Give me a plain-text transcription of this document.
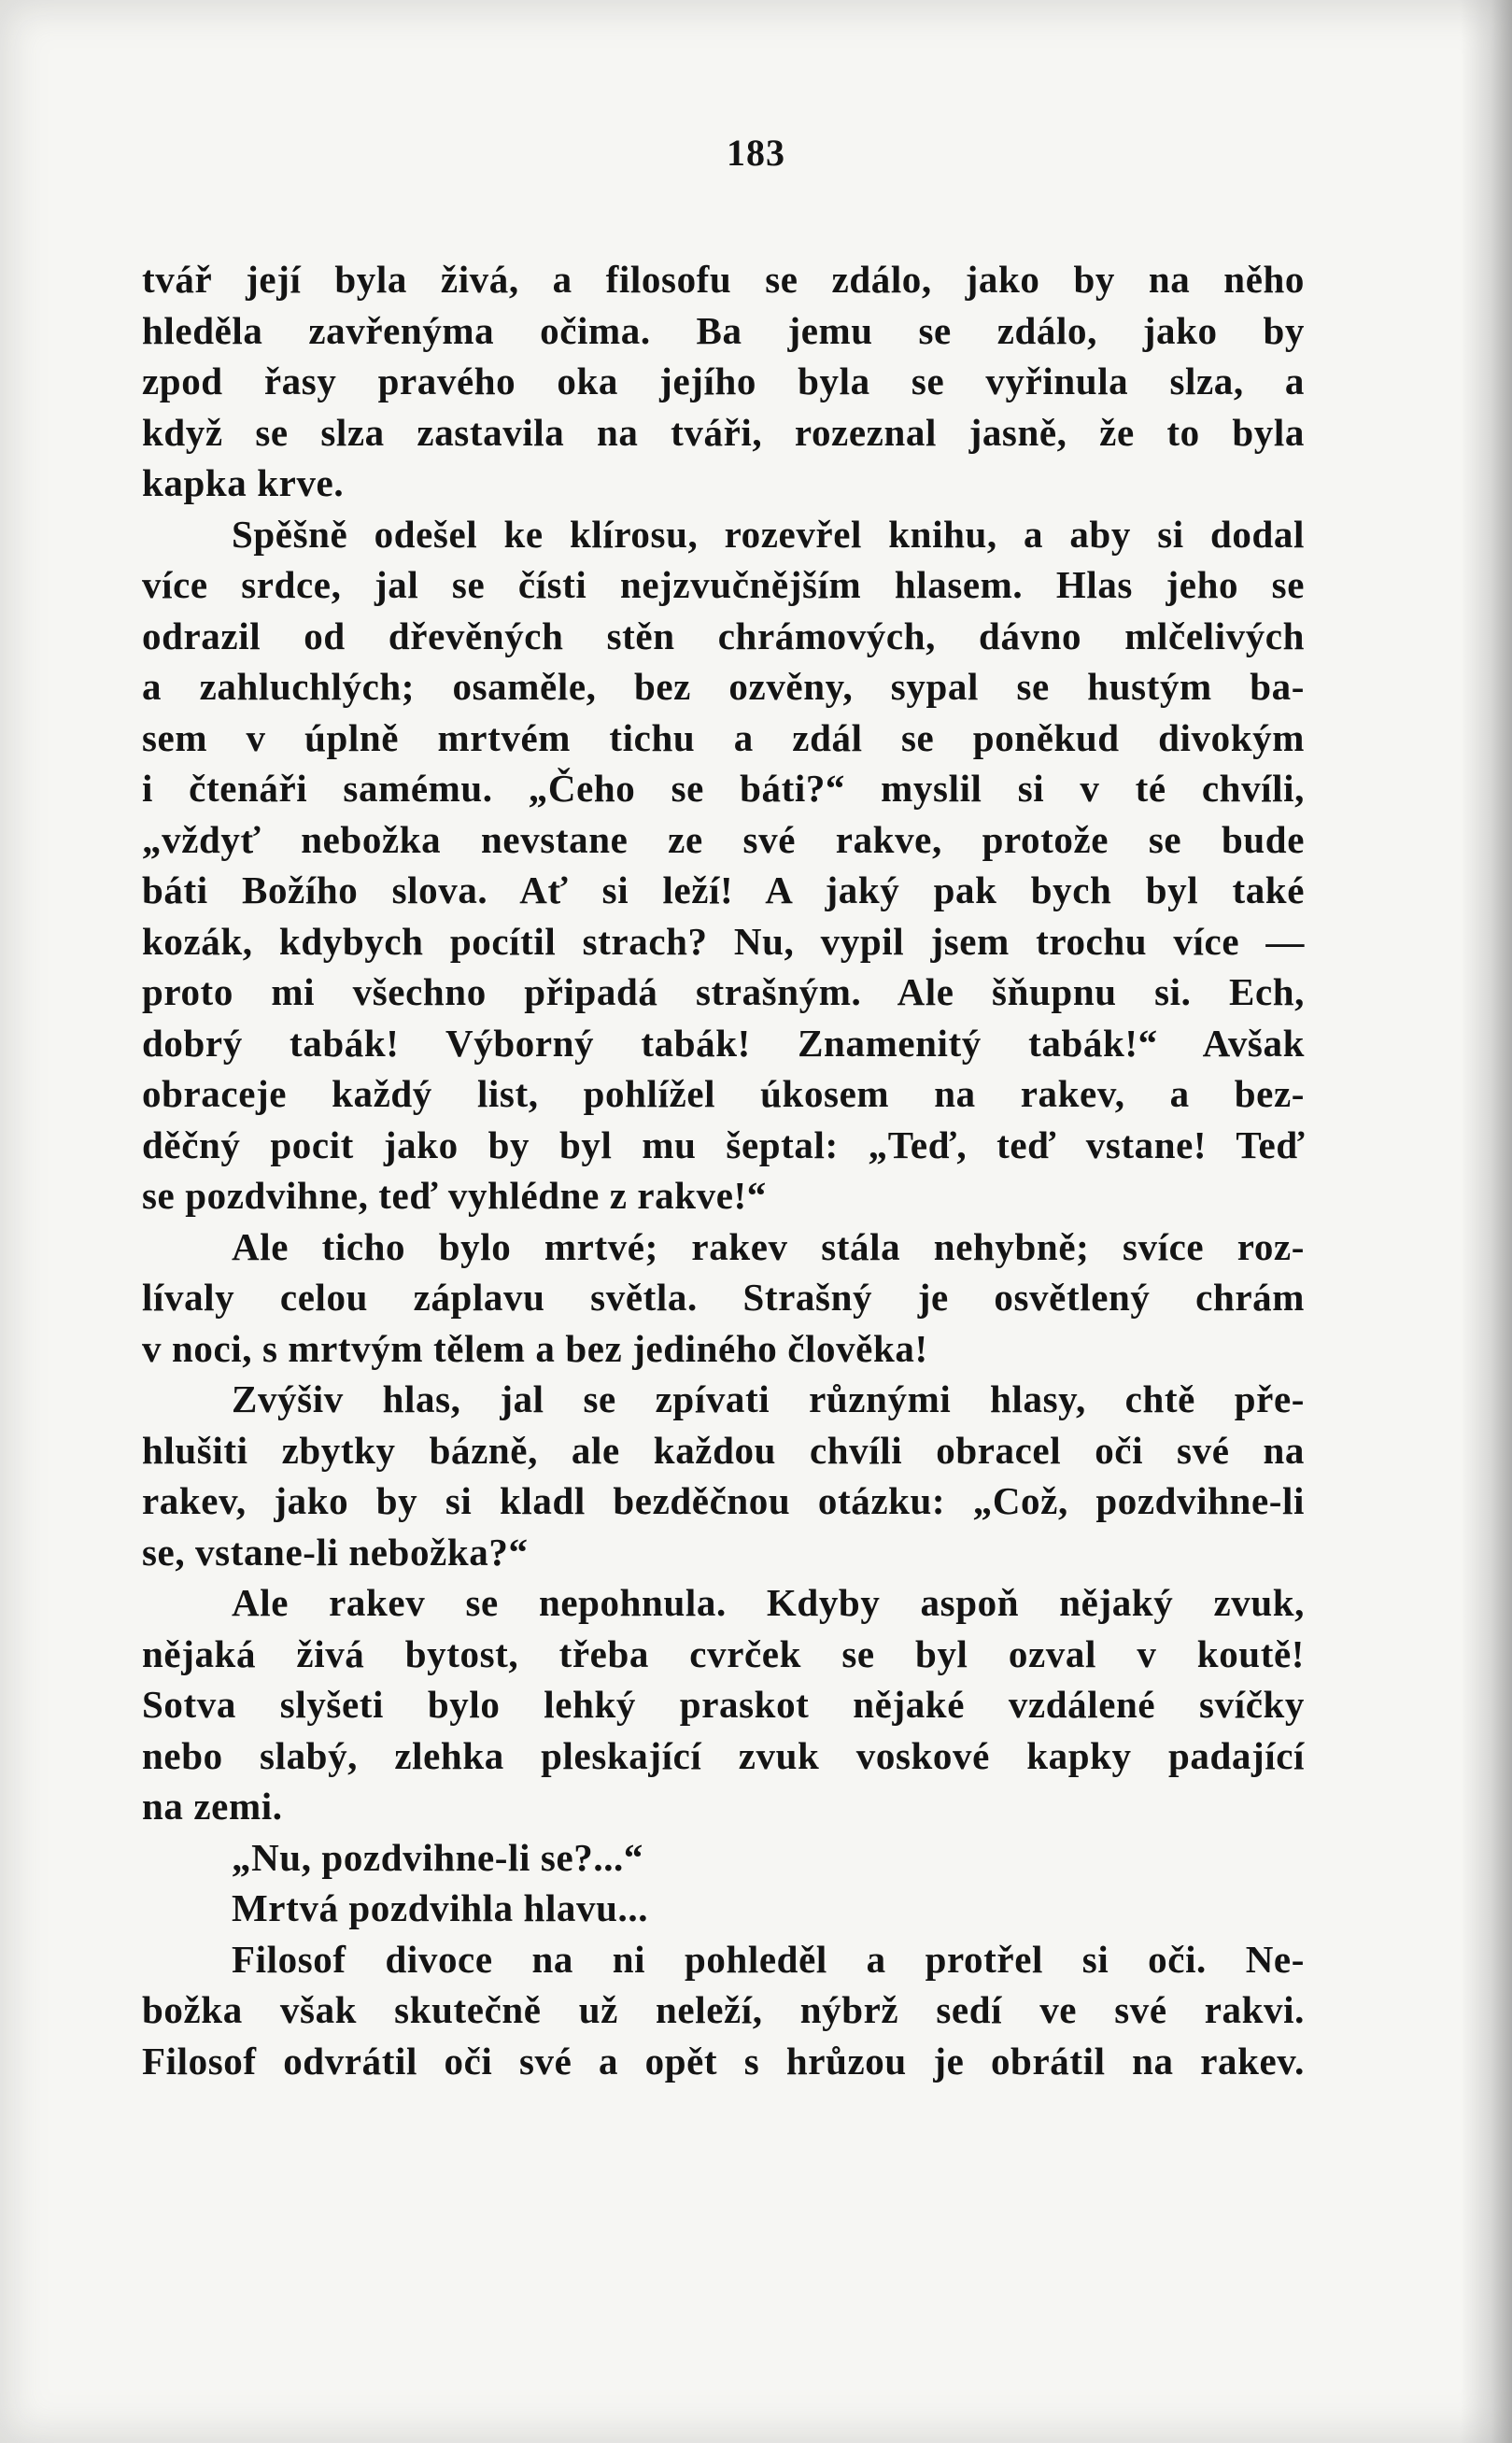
183
tvář její byla živá, a filosofu se zdálo, jako by na něho
hleděla zavřenýma očima. Ba jemu se zdálo, jako by
zpod řasy pravého oka jejího byla se vyřinula slza, a
když se slza zastavila na tváři, rozeznal jasně, že to byla
kapka krve.
Spěšně odešel ke klírosu, rozevřel knihu, a aby si dodal
více srdce, jal se čísti nejzvučnějším hlasem. Hlas jeho se
odrazil od dřevěných stěn chrámových, dávno mlčelivých
a zahluchlých; osaměle, bez ozvěny, sypal se hustým ba-
sem v úplně mrtvém tichu a zdál se poněkud divokým
i čtenáři samému. „Čeho se báti?“ myslil si v té chvíli,
„vždyť nebožka nevstane ze své rakve, protože se bude
báti Božího slova. Ať si leží! A jaký pak bych byl také
kozák, kdybych pocítil strach? Nu, vypil jsem trochu více —
proto mi všechno připadá strašným. Ale šňupnu si. Ech,
dobrý tabák! Výborný tabák! Znamenitý tabák!“ Avšak
obraceje každý list, pohlížel úkosem na rakev, a bez-
děčný pocit jako by byl mu šeptal: „Teď, teď vstane! Teď
se pozdvihne, teď vyhlédne z rakve!“
Ale ticho bylo mrtvé; rakev stála nehybně; svíce roz-
lívaly celou záplavu světla. Strašný je osvětlený chrám
v noci, s mrtvým tělem a bez jediného člověka!
Zvýšiv hlas, jal se zpívati různými hlasy, chtě pře-
hlušiti zbytky bázně, ale každou chvíli obracel oči své na
rakev, jako by si kladl bezděčnou otázku: „Což, pozdvihne-li
se, vstane-li nebožka?“
Ale rakev se nepohnula. Kdyby aspoň nějaký zvuk,
nějaká živá bytost, třeba cvrček se byl ozval v koutě!
Sotva slyšeti bylo lehký praskot nějaké vzdálené svíčky
nebo slabý, zlehka pleskající zvuk voskové kapky padající
na zemi.
„Nu, pozdvihne-li se?...“
Mrtvá pozdvihla hlavu...
Filosof divoce na ni pohleděl a protřel si oči. Ne-
božka však skutečně už neleží, nýbrž sedí ve své rakvi.
Filosof odvrátil oči své a opět s hrůzou je obrátil na rakev.
